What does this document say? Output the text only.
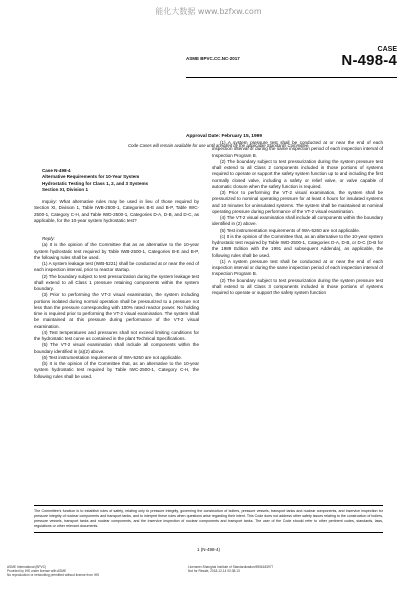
能化大数据 www.bzfxw.com
ASME BPVC.CC.NC-2017
CASE
N-498-4
Approval Date: February 15, 1999
Code Cases will remain available for use until annulled by the applicable Standards Committee.

Case N-498-4

Alternative Requirements for 10-Year System

Hydrostatic Testing for Class 1, 2, and 3 Systems

Section XI, Division 1

Inquiry: What alternative rules may be used in lieu of those required by Section XI, Division 1, Table IWB-2500-1, Categories B-E and B-P, Table IWC-2500-1, Category C-H, and Table IWD-2500-1, Categories D-A, D-B, and D-C, as applicable, for the 10-year system hydrostatic test?

Reply:

(a) It is the opinion of the Committee that as an alternative to the 10-year system hydrostatic test required by Table IWB-2500-1, Categories B-E and B-P, the following rules shall be used.

(1) A system leakage test (IWB-5221) shall be conducted at or near the end of each inspection interval, prior to reactor startup.

(2) The boundary subject to test pressurization during the system leakage test shall extend to all Class 1 pressure retaining components within the system boundary.

(3) Prior to performing the VT-2 visual examination, the system including portions isolated during normal operation shall be pressurized to a pressure not less than the pressure corresponding with 100% rated reactor power. No holding time is required prior to performing the VT-2 visual examination. The system shall be maintained at this pressure during performance of the VT-2 visual examination.

(4) Test temperatures and pressures shall not exceed limiting conditions for the hydrostatic test curve as contained in the plant Technical Specifications.

(5) The VT-2 visual examination shall include all components within the boundary identified in (a)(2) above.

(6) Test instrumentation requirements of IWA-5260 are not applicable.

(b) It is the opinion of the Committee that, as an alternative to the 10-year system hydrostatic test required by Table IWC-2500-1, Category C-H, the following rules shall be used.

(1) A system pressure test shall be conducted at or near the end of each inspection interval or during the same inspection period of each inspection interval of Inspection Program B.

(2) The boundary subject to test pressurization during the system pressure test shall extend to all Class 2 components included in those portions of systems required to operate or support the safety system function up to and including the first normally closed valve, including a safety or relief valve, or valve capable of automatic closure when the safety function is required.

(3) Prior to performing the VT-2 visual examination, the system shall be pressurized to nominal operating pressure for at least 4 hours for insulated systems and 10 minutes for uninsulated systems. The system shall be maintained at nominal operating pressure during performance of the VT-2 visual examination.

(4) The VT-2 visual examination shall include all components within the boundary identified in (2) above.

(5) Test instrumentation requirements of IWA-5260 are not applicable.

(c) It is the opinion of the Committee that, as an alternative to the 10-year system hydrostatic test required by Table IWD-2500-1, Categories D-A, D-B, or D-C (D-B for the 1989 Edition with the 1991 and subsequent Addenda), as applicable, the following rules shall be used.

(1) A system pressure test shall be conducted at or near the end of each inspection interval or during the same inspection period of each inspection interval of Inspection Program B.

(2) The boundary subject to test pressurization during the system pressure test shall extend to all Class 3 components included in those portions of systems required to operate or support the safety system function

The Committee's function is to establish rules of safety, relating only to pressure integrity, governing the construction of boilers, pressure vessels, transport tanks and nuclear components, and inservice inspection for pressure integrity of nuclear components and transport tanks, and to interpret these rules when questions arise regarding their intent. This Code does not address other safety issues relating to the construction of boilers, pressure vessels, transport tanks and nuclear components, and the inservice inspection of nuclear components and transport tanks. The user of the Code should refer to other pertinent codes, standards, laws, regulations or other relevant documents.
1 (N-498-4)
ASME International (BPVC)
Provided by IHS under license with ASME
No reproduction or networking permitted without license from IHS
Licensee=Shanghai Institute of Standardization/5956183977
Not for Resale, 2018-12-14 00:38:13
